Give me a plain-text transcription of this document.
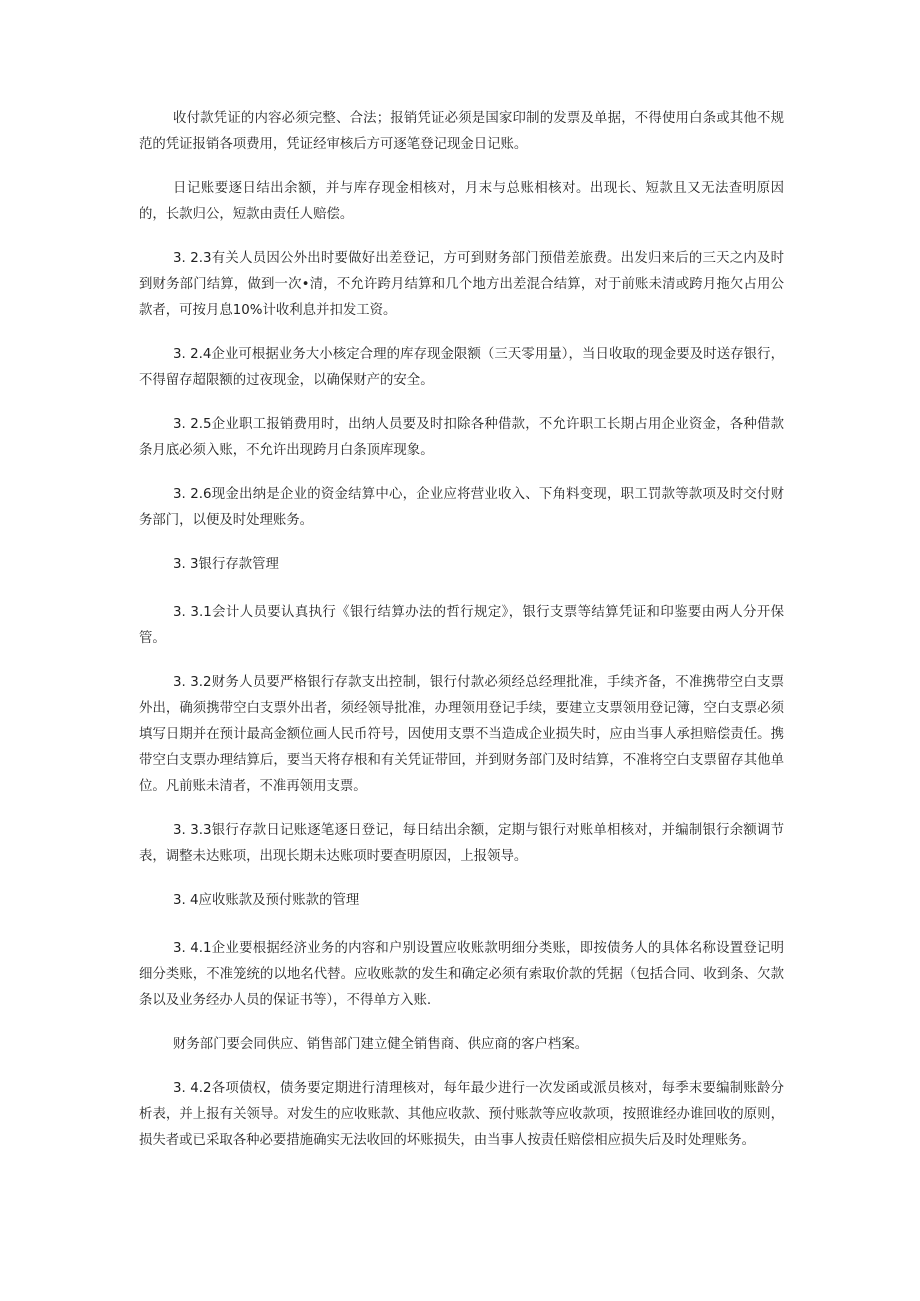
收付款凭证的内容必须完整、合法；报销凭证必须是国家印制的发票及单据，不得使用白条或其他不规范的凭证报销各项费用，凭证经审核后方可逐笔登记现金日记账。

日记账要逐日结出余额，并与库存现金相核对，月末与总账相核对。出现长、短款且又无法查明原因的，长款归公，短款由责任人赔偿。

3. 2.3有关人员因公外出时要做好出差登记，方可到财务部门预借差旅费。出发归来后的三天之内及时到财务部门结算，做到一次•清，不允许跨月结算和几个地方出差混合结算，对于前账未清或跨月拖欠占用公款者，可按月息10%计收利息并扣发工资。

3. 2.4企业可根据业务大小核定合理的库存现金限额（三天零用量），当日收取的现金要及时送存银行，不得留存超限额的过夜现金，以确保财产的安全。

3. 2.5企业职工报销费用时，出纳人员要及时扣除各种借款，不允许职工长期占用企业资金，各种借款条月底必须入账，不允许出现跨月白条顶库现象。

3. 2.6现金出纳是企业的资金结算中心，企业应将营业收入、下角料变现，职工罚款等款项及时交付财务部门，以便及时处理账务。

3. 3银行存款管理

3. 3.1会计人员要认真执行《银行结算办法的哲行规定》，银行支票等结算凭证和印鉴要由两人分开保管。

3. 3.2财务人员要严格银行存款支出控制，银行付款必须经总经理批准，手续齐备，不准携带空白支票外出，确须携带空白支票外出者，须经领导批准，办理领用登记手续，要建立支票领用登记簿，空白支票必须填写日期并在预计最高金额位画人民币符号，因使用支票不当造成企业损失时，应由当事人承担赔偿责任。携带空白支票办理结算后，要当天将存根和有关凭证带回，并到财务部门及时结算，不准将空白支票留存其他单位。凡前账未清者，不准再领用支票。

3. 3.3银行存款日记账逐笔逐日登记，每日结出余额，定期与银行对账单相核对，并编制银行余额调节表，调整未达账项，出现长期未达账项时要查明原因，上报领导。

3. 4应收账款及预付账款的管理

3. 4.1企业要根据经济业务的内容和户别设置应收账款明细分类账，即按债务人的具体名称设置登记明细分类账，不准笼统的以地名代替。应收账款的发生和确定必须有索取价款的凭据（包括合同、收到条、欠款条以及业务经办人员的保证书等），不得单方入账.

财务部门要会同供应、销售部门建立健全销售商、供应商的客户档案。

3. 4.2各项债权，债务要定期进行清理核对，每年最少进行一次发函或派员核对，每季末要编制账龄分析表，并上报有关领导。对发生的应收账款、其他应收款、预付账款等应收款项，按照谁经办谁回收的原则，损失者或已采取各种必要措施确实无法收回的坏账损失，由当事人按责任赔偿相应损失后及时处理账务。
